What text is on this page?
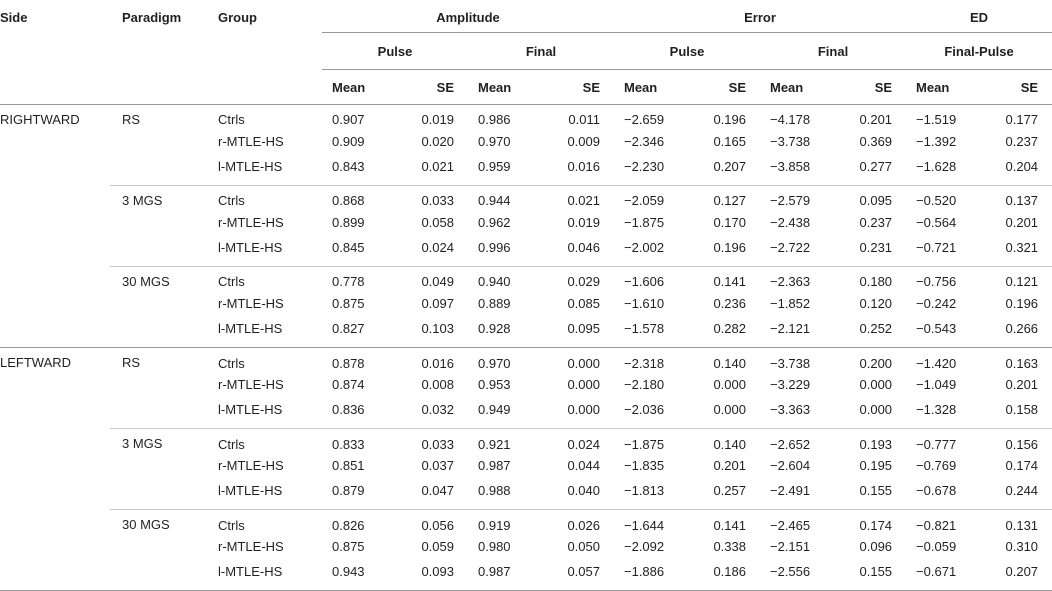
Side	Paradigm	Group	Amplitude				Error				ED	
			Pulse		Final		Pulse		Final		Final-Pulse	
			Mean	SE	Mean	SE	Mean	SE	Mean	SE	Mean	SE
RIGHTWARD	RS	Ctrls	0.907	0.019	0.986	0.011	−2.659	0.196	−4.178	0.201	−1.519	0.177
		r-MTLE-HS	0.909	0.020	0.970	0.009	−2.346	0.165	−3.738	0.369	−1.392	0.237
		l-MTLE-HS	0.843	0.021	0.959	0.016	−2.230	0.207	−3.858	0.277	−1.628	0.204
	3 MGS	Ctrls	0.868	0.033	0.944	0.021	−2.059	0.127	−2.579	0.095	−0.520	0.137
		r-MTLE-HS	0.899	0.058	0.962	0.019	−1.875	0.170	−2.438	0.237	−0.564	0.201
		l-MTLE-HS	0.845	0.024	0.996	0.046	−2.002	0.196	−2.722	0.231	−0.721	0.321
	30 MGS	Ctrls	0.778	0.049	0.940	0.029	−1.606	0.141	−2.363	0.180	−0.756	0.121
		r-MTLE-HS	0.875	0.097	0.889	0.085	−1.610	0.236	−1.852	0.120	−0.242	0.196
		l-MTLE-HS	0.827	0.103	0.928	0.095	−1.578	0.282	−2.121	0.252	−0.543	0.266
LEFTWARD	RS	Ctrls	0.878	0.016	0.970	0.000	−2.318	0.140	−3.738	0.200	−1.420	0.163
		r-MTLE-HS	0.874	0.008	0.953	0.000	−2.180	0.000	−3.229	0.000	−1.049	0.201
		l-MTLE-HS	0.836	0.032	0.949	0.000	−2.036	0.000	−3.363	0.000	−1.328	0.158
	3 MGS	Ctrls	0.833	0.033	0.921	0.024	−1.875	0.140	−2.652	0.193	−0.777	0.156
		r-MTLE-HS	0.851	0.037	0.987	0.044	−1.835	0.201	−2.604	0.195	−0.769	0.174
		l-MTLE-HS	0.879	0.047	0.988	0.040	−1.813	0.257	−2.491	0.155	−0.678	0.244
	30 MGS	Ctrls	0.826	0.056	0.919	0.026	−1.644	0.141	−2.465	0.174	−0.821	0.131
		r-MTLE-HS	0.875	0.059	0.980	0.050	−2.092	0.338	−2.151	0.096	−0.059	0.310
		l-MTLE-HS	0.943	0.093	0.987	0.057	−1.886	0.186	−2.556	0.155	−0.671	0.207
